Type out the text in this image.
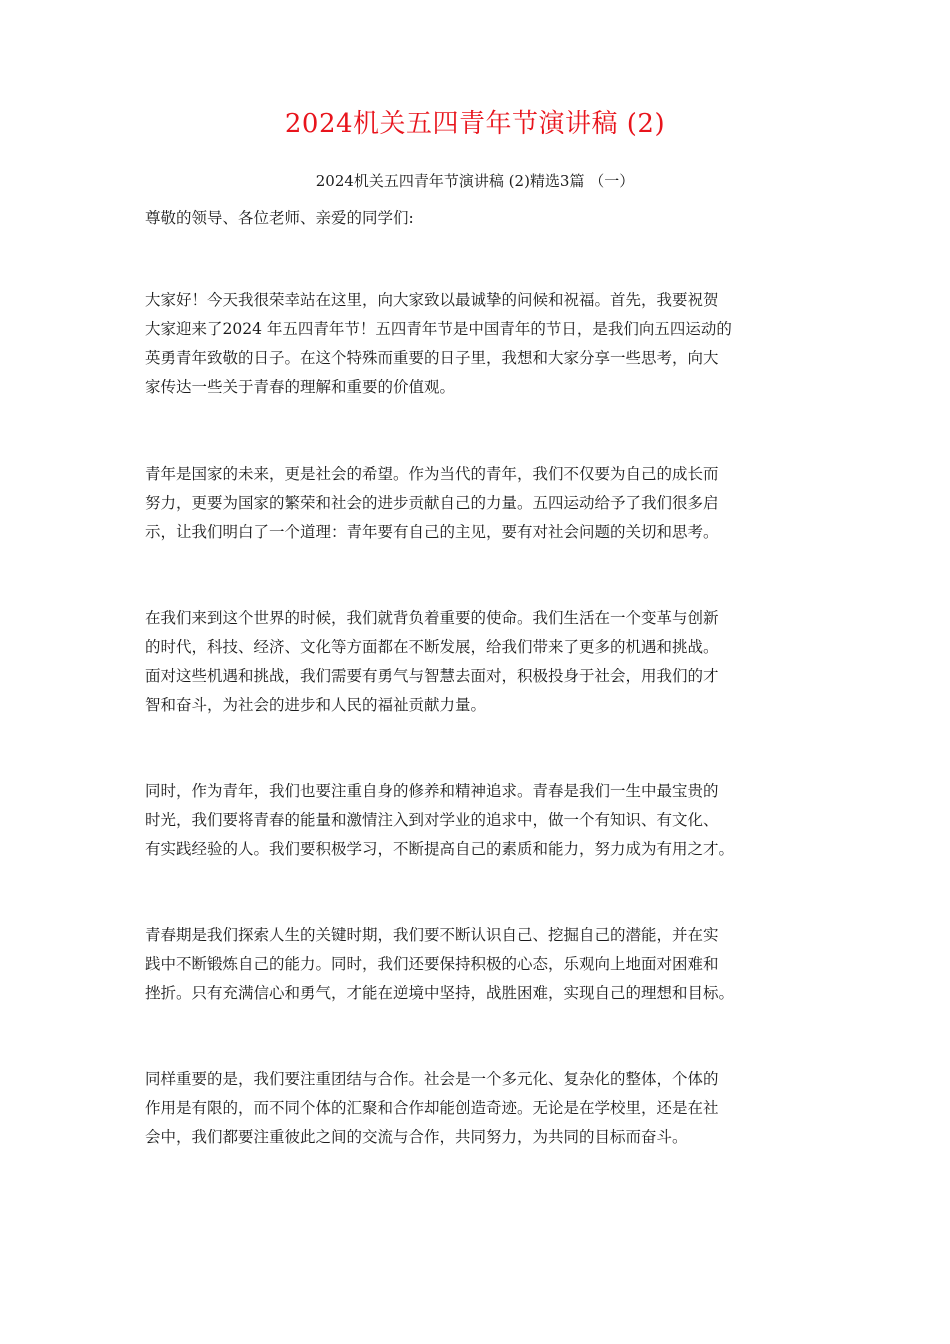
2024机关五四青年节演讲稿 (2)
2024机关五四青年节演讲稿 (2)精选3篇 （一）
尊敬的领导、各位老师、亲爱的同学们:
大家好！今天我很荣幸站在这里，向大家致以最诚挚的问候和祝福。首先，我要祝贺
大家迎来了2024 年五四青年节！五四青年节是中国青年的节日，是我们向五四运动的
英勇青年致敬的日子。在这个特殊而重要的日子里，我想和大家分享一些思考，向大
家传达一些关于青春的理解和重要的价值观。
青年是国家的未来，更是社会的希望。作为当代的青年，我们不仅要为自己的成长而
努力，更要为国家的繁荣和社会的进步贡献自己的力量。五四运动给予了我们很多启
示，让我们明白了一个道理：青年要有自己的主见，要有对社会问题的关切和思考。
在我们来到这个世界的时候，我们就背负着重要的使命。我们生活在一个变革与创新
的时代，科技、经济、文化等方面都在不断发展，给我们带来了更多的机遇和挑战。
面对这些机遇和挑战，我们需要有勇气与智慧去面对，积极投身于社会，用我们的才
智和奋斗，为社会的进步和人民的福祉贡献力量。
同时，作为青年，我们也要注重自身的修养和精神追求。青春是我们一生中最宝贵的
时光，我们要将青春的能量和激情注入到对学业的追求中，做一个有知识、有文化、
有实践经验的人。我们要积极学习，不断提高自己的素质和能力，努力成为有用之才。
青春期是我们探索人生的关键时期，我们要不断认识自己、挖掘自己的潜能，并在实
践中不断锻炼自己的能力。同时，我们还要保持积极的心态，乐观向上地面对困难和
挫折。只有充满信心和勇气，才能在逆境中坚持，战胜困难，实现自己的理想和目标。
同样重要的是，我们要注重团结与合作。社会是一个多元化、复杂化的整体，个体的
作用是有限的，而不同个体的汇聚和合作却能创造奇迹。无论是在学校里，还是在社
会中，我们都要注重彼此之间的交流与合作，共同努力，为共同的目标而奋斗。
